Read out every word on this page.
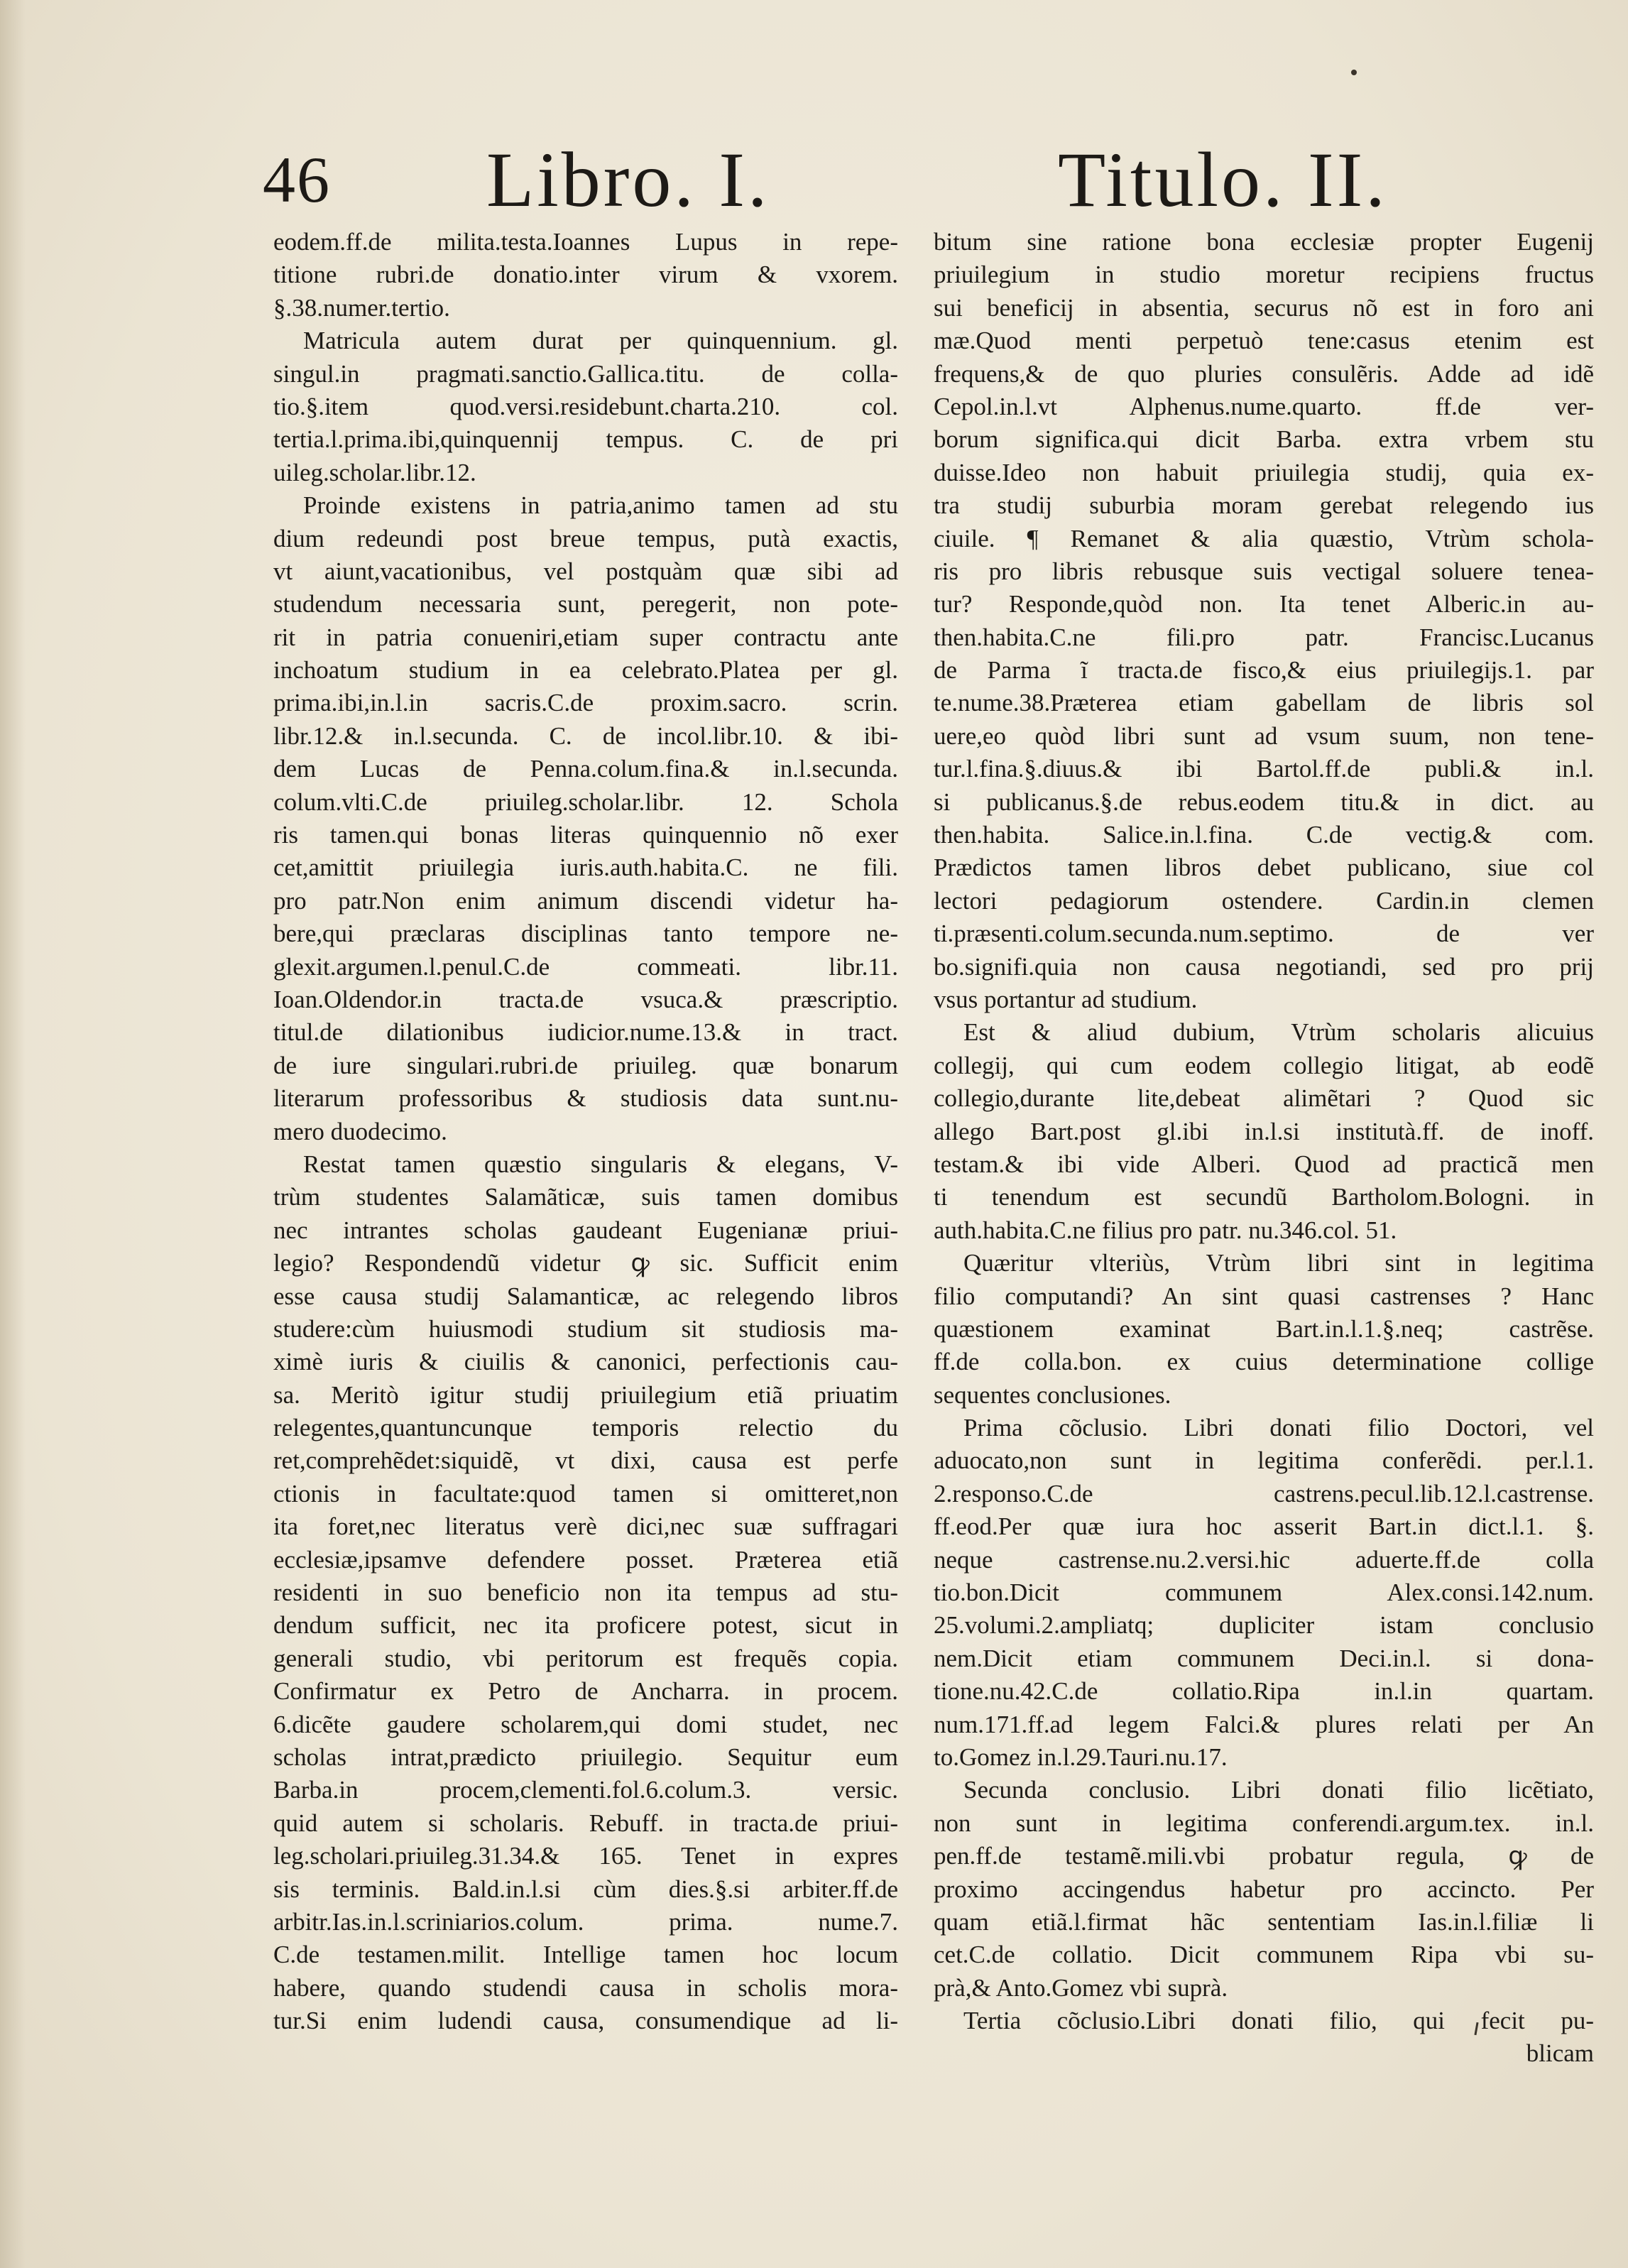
46 Libro. I.	Titulo. II.
eodem.ff.de milita.testa.Ioannes Lupus in repe-
titione rubri.de donatio.inter virum & vxorem.
§.38.numer.tertio.
Matricula autem durat per quinquennium. gl.
singul.in pragmati.sanctio.Gallica.titu. de colla-
tio.§.item quod.versi.residebunt.charta.210. col.
tertia.l.prima.ibi,quinquennij tempus. C. de pri
uileg.scholar.libr.12.
Proinde existens in patria,animo tamen ad stu
dium redeundi post breue tempus, putà exactis,
vt aiunt,vacationibus, vel postquàm quæ sibi ad
studendum necessaria sunt, peregerit, non pote-
rit in patria conueniri,etiam super contractu ante
inchoatum studium in ea celebrato.Platea per gl.
prima.ibi,in.l.in sacris.C.de proxim.sacro. scrin.
libr.12.& in.l.secunda. C. de incol.libr.10. & ibi-
dem Lucas de Penna.colum.fina.& in.l.secunda.
colum.vlti.C.de priuileg.scholar.libr. 12. Schola
ris tamen.qui bonas literas quinquennio nõ exer
cet,amittit priuilegia iuris.auth.habita.C. ne fili.
pro patr.Non enim animum discendi videtur ha-
bere,qui præclaras disciplinas tanto tempore ne-
glexit.argumen.l.penul.C.de commeati. libr.11.
Ioan.Oldendor.in tracta.de vsuca.& præscriptio.
titul.de dilationibus iudicior.nume.13.& in tract.
de iure singulari.rubri.de priuileg. quæ bonarum
literarum professoribus & studiosis data sunt.nu-
mero duodecimo.
Restat tamen quæstio singularis & elegans, V-
trùm studentes Salamãticæ, suis tamen domibus
nec intrantes scholas gaudeant Eugenianæ priui-
legio? Respondendũ videtur ꝙ sic. Sufficit enim
esse causa studij Salamanticæ, ac relegendo libros
studere:cùm huiusmodi studium sit studiosis ma-
ximè iuris & ciuilis & canonici, perfectionis cau-
sa. Meritò igitur studij priuilegium etiã priuatim
relegentes,quantuncunque temporis relectio du
ret,comprehẽdet:siquidẽ, vt dixi, causa est perfe
ctionis in facultate:quod tamen si omitteret,non
ita foret,nec literatus verè dici,nec suæ suffragari
ecclesiæ,ipsamve defendere posset. Præterea etiã
residenti in suo beneficio non ita tempus ad stu-
dendum sufficit, nec ita proficere potest, sicut in
generali studio, vbi peritorum est frequẽs copia.
Confirmatur ex Petro de Ancharra. in procem.
6.dicẽte gaudere scholarem,qui domi studet, nec
scholas intrat,prædicto priuilegio. Sequitur eum
Barba.in procem,clementi.fol.6.colum.3. versic.
quid autem si scholaris. Rebuff. in tracta.de priui-
leg.scholari.priuileg.31.34.& 165. Tenet in expres
sis terminis. Bald.in.l.si cùm dies.§.si arbiter.ff.de
arbitr.Ias.in.l.scriniarios.colum. prima. nume.7.
C.de testamen.milit. Intellige tamen hoc locum
habere, quando studendi causa in scholis mora-
tur.Si enim ludendi causa, consumendique ad li-
bitum sine ratione bona ecclesiæ propter Eugenij
priuilegium in studio moretur recipiens fructus
sui beneficij in absentia, securus nõ est in foro ani
mæ.Quod menti perpetuò tene:casus etenim est
frequens,& de quo pluries consulẽris. Adde ad idẽ
Cepol.in.l.vt Alphenus.nume.quarto. ff.de ver-
borum significa.qui dicit Barba. extra vrbem stu
duisse.Ideo non habuit priuilegia studij, quia ex-
tra studij suburbia moram gerebat relegendo ius
ciuile. ¶ Remanet & alia quæstio, Vtrùm schola-
ris pro libris rebusque suis vectigal soluere tenea-
tur? Responde,quòd non. Ita tenet Alberic.in au-
then.habita.C.ne fili.pro patr. Francisc.Lucanus
de Parma ĩ tracta.de fisco,& eius priuilegijs.1. par
te.nume.38.Præterea etiam gabellam de libris sol
uere,eo quòd libri sunt ad vsum suum, non tene-
tur.l.fina.§.diuus.& ibi Bartol.ff.de publi.& in.l.
si publicanus.§.de rebus.eodem titu.& in dict. au
then.habita. Salice.in.l.fina. C.de vectig.& com.
Prædictos tamen libros debet publicano, siue col
lectori pedagiorum ostendere. Cardin.in clemen
ti.præsenti.colum.secunda.num.septimo. de ver
bo.signifi.quia non causa negotiandi, sed pro prij
vsus portantur ad studium.
Est & aliud dubium, Vtrùm scholaris alicuius
collegij, qui cum eodem collegio litigat, ab eodẽ
collegio,durante lite,debeat alimẽtari ? Quod sic
allego Bart.post gl.ibi in.l.si institutà.ff. de inoff.
testam.& ibi vide Alberi. Quod ad practicã men
ti tenendum est secundũ Bartholom.Bologni. in
auth.habita.C.ne filius pro patr. nu.346.col. 51.
Quæritur vlteriùs, Vtrùm libri sint in legitima
filio computandi? An sint quasi castrenses ? Hanc
quæstionem examinat Bart.in.l.1.§.neq; castrẽse.
ff.de colla.bon. ex cuius determinatione collige
sequentes conclusiones.
Prima cõclusio. Libri donati filio Doctori, vel
aduocato,non sunt in legitima conferẽdi. per.l.1.
2.responso.C.de castrens.pecul.lib.12.l.castrense.
ff.eod.Per quæ iura hoc asserit Bart.in dict.l.1. §.
neque castrense.nu.2.versi.hic aduerte.ff.de colla
tio.bon.Dicit communem Alex.consi.142.num.
25.volumi.2.ampliatq; dupliciter istam conclusio
nem.Dicit etiam communem Deci.in.l. si dona-
tione.nu.42.C.de collatio.Ripa in.l.in quartam.
num.171.ff.ad legem Falci.& plures relati per An
to.Gomez in.l.29.Tauri.nu.17.
Secunda conclusio. Libri donati filio licẽtiato,
non sunt in legitima conferendi.argum.tex. in.l.
pen.ff.de testamẽ.mili.vbi probatur regula, ꝙ de
proximo accingendus habetur pro accincto. Per
quam etiã.l.firmat hãc sententiam Ias.in.l.filiæ li
cet.C.de collatio. Dicit communem Ripa vbi su-
prà,& Anto.Gomez vbi suprà.
Tertia cõclusio.Libri donati filio, qui fecit pu-
blicam
